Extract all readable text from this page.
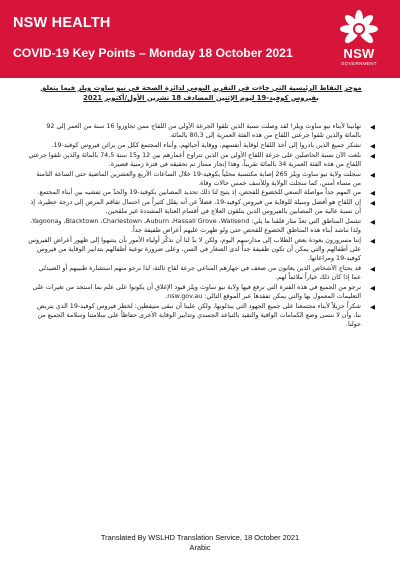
NSW HEALTH
COVID-19 Key Points – Monday 18 October 2021	NSW
GOVERNMENT
موجز النقاط الرئيسية التي جاءت في التقرير اليومي لدائرة الصحة في نيو ساوث ويلز فيما يتعلق بفيروس كوفيد-19 ليوم الإثنين المصادف 18 تشرين الأول/أكتوبر 2021
◀
تهانينا لأبناء نيو ساوث ويلز! لقد وصلت نسبة الذين تلقوا الجرعة الأولى من اللقاح ممن تجاوزوا 16 سنة من العمر إلى 92 بالمائة والذين تلقوا جرعتي اللقاح من هذه الفئة العمرية إلى 80,3 بالمائة.
◀
نشكر جميع الذين بادروا إلى أخذ اللقاح لوقاية أنفسهم، ووقاية أحبائهم، وأبناء المجتمع ككل من براثن فيروس كوفيد-19.
◀
بلغت الآن نسبة الحاصلين على جرعة اللقاح الأولى من الذين تتراوح أعمارهم بين 12 و15 سنة 74,5 بالمائة والذين تلقوا جرعتي اللقاح من هذه الفئة العمرية 34 بالمائة تقريباً، وهذا إنجاز ممتاز تم تحقيقه في فترة زمنية قصيرة.
◀
سجلت ولاية نيو ساوث ويلز 265 إصابة مكتسبة محلياً بكوفيد-19 خلال الساعات الأربع والعشرين الماضية حتى الساعة الثامنة من مساء أمس، كما سجلت الولاية وللأسف خمس حالات وفاة.
◀
من المهم جداً مواصلة السعي للخضوع للفحص، إذ يتيح لنا ذلك تحديد المصابين بكوفيد-19 والحدّ من تفشيه بين أبناء المجتمع.
◀
إن اللقاح هو أفضل وسيلة للوقاية من فيروس كوفيد-19، فضلاً عن أنه يقلل كثيراً من احتمال تفاقم المرض إلى درجة خطيرة، إذ أن نسبة عالية من المصابين بالفيروس الذين يتلقون العلاج في أقسام العناية المشددة غير ملقحين.
◀
تشمل المناطق التي تعدّ مثار قلقنا ما يلي: Blacktown ،Charlestown ،Auburn ،Hassall Grove ،Wallsend، وYagoona، ولذا نناشد أبناء هذه المناطق الخضوع للفحص حتى ولو ظهرت عليهم أعراض طفيفة جداً.
◀
إننا مسرورون بعودة بعض الطلاب إلى مدارسهم اليوم، ولكن لا بدّ لنا أن نذكّر أولياء الأمور بأن ينتبهوا إلى ظهور أعراض الفيروس على أطفالهم والتي يمكن أن تكون طفيفة جداً لدى الصغار في السن، وعلى ضرورة توعية أطفالهم بتدابير الوقاية من فيروس كوفيد-19 ومراعاتها.
◀
قد يحتاج الأشخاص الذين يعانون من ضعف في جهازهم المناعي جرعة لقاح ثالثة، لذا نرجو منهم استشارة طبيبهم أو الصيدلي عما إذا كان ذلك خياراً ملائماً لهم.
◀
نرجو من الجميع في هذه الفترة التي ترفع فيها ولاية نيو ساوث ويلز قيود الإغلاق أن يكونوا على علم بما استجد من تغيرات على التعليمات المعمول بها والتي يمكن تفقدها عبر الموقع التالي: nsw.gov.au.
◀
شكراً جزيلاً لأبناء مجتمعنا على جميع الجهود التي يبذلونها، ولكن علينا أن نبقى متيقظين: لخطر فيروس كوفيد-19 الذي يتربص بنا، وأن لا ننسى وضع الكمامات الواقية والتقيد بالتباعد الجسدي وتدابير الوقاية الأخرى حفاظاً على سلامتنا وسلامة الجميع من حولنا.
Translated By WSLHD Translation Service, 18 October 2021
Arabic
